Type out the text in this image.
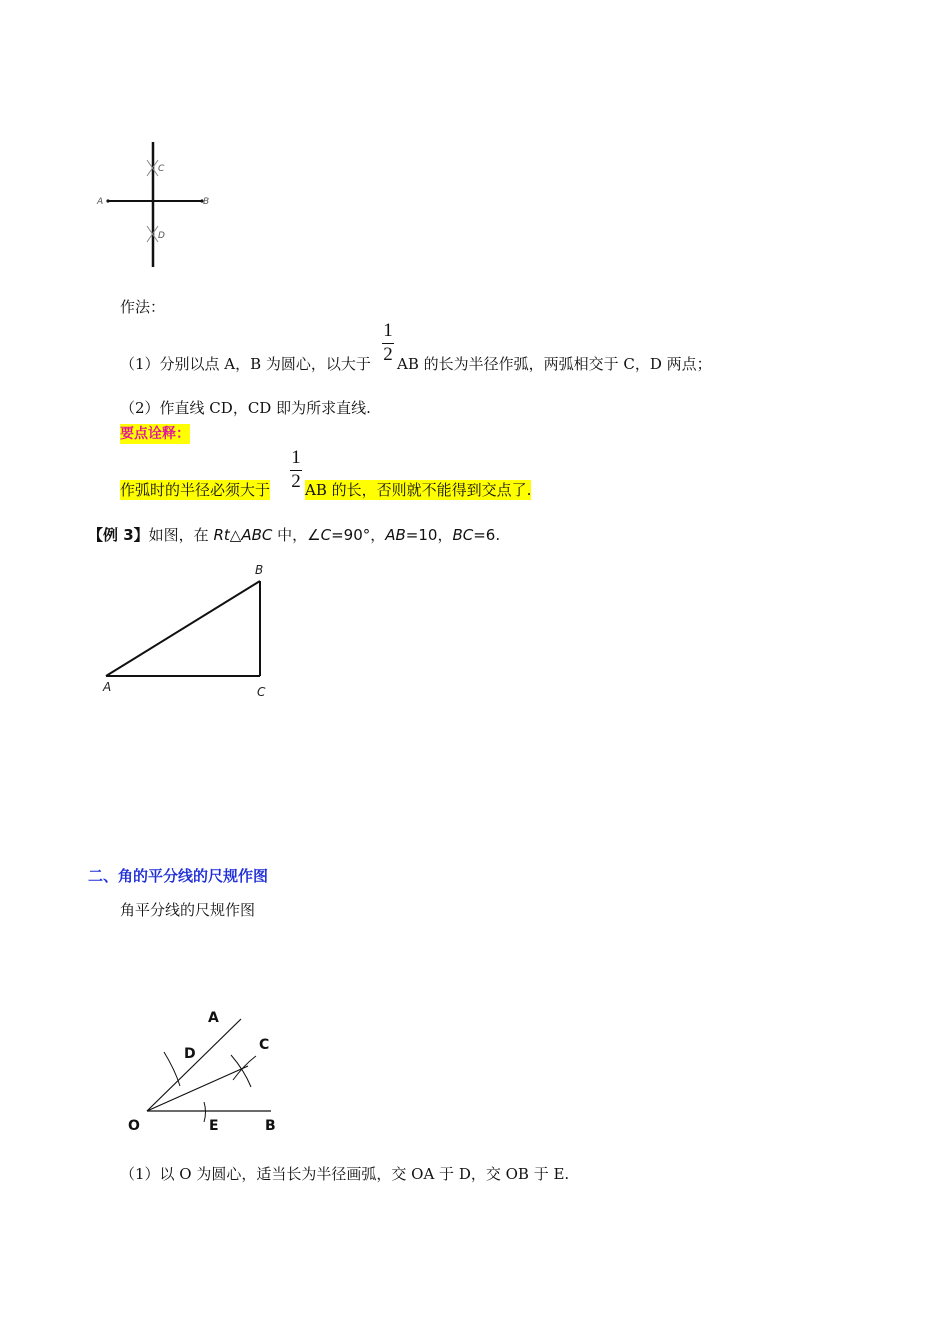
A	B
C
D
作法：
1
2
（1）分别以点 A，B 为圆心，以大于 AB 的长为半径作弧，两弧相交于 C，D 两点；
（2）作直线 CD，CD 即为所求直线.
要点诠释：
1
2
作弧时的半径必须大于 AB 的长，否则就不能得到交点了.
【例 3】如图，在 Rt△ABC 中，∠C=90°，AB=10，BC=6.
B
A	C
二、角的平分线的尺规作图
角平分线的尺规作图
A
C
D
O	E	B
（1）以 O 为圆心，适当长为半径画弧，交 OA 于 D，交 OB 于 E.
